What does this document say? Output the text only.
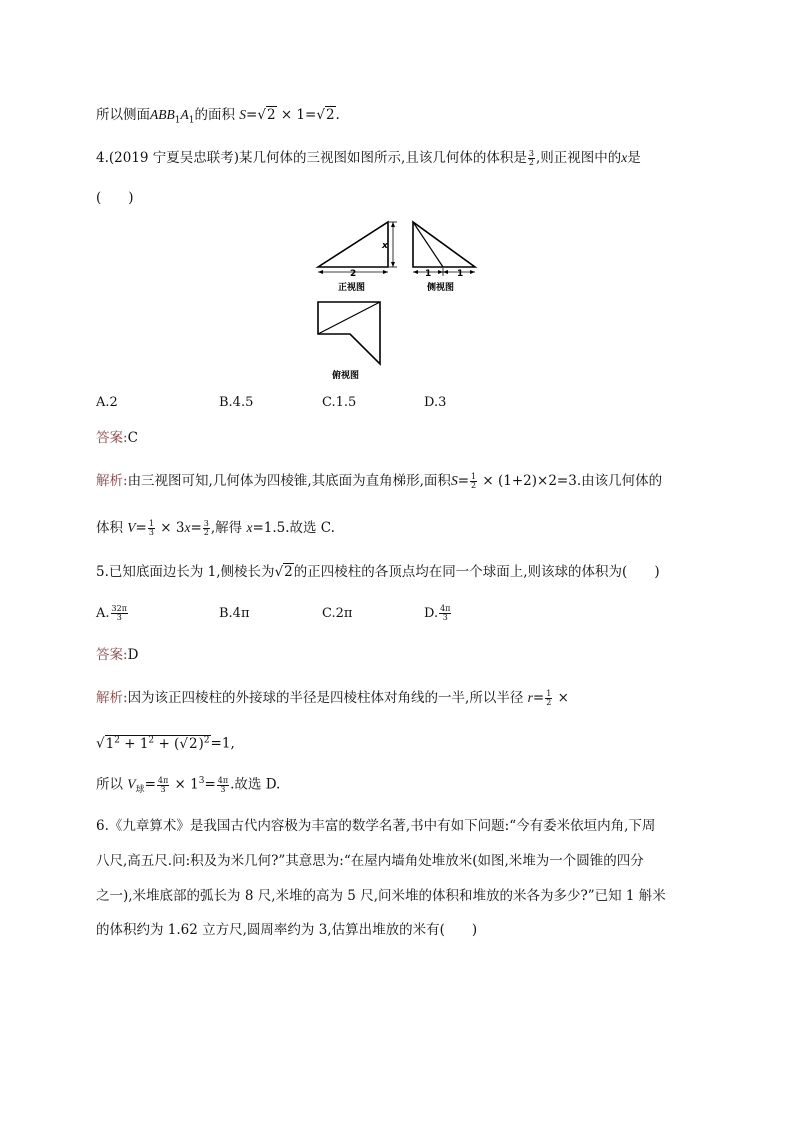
所以侧面$ABB_1A_1$的面积 S=√2 × 1=√2.
4.(2019 宁夏吴忠联考)某几何体的三视图如图所示,且该几何体的体积是 $\frac{3}{2}$ ,则正视图中的x是
(　　)
x
2
正视图
1	1
侧视图
俯视图
A.2	B.4.5	C.1.5	D.3
答案:C
解析:由三视图可知,几何体为四棱锥,其底面为直角梯形,面积$S= \frac{1}{2} \times (1+2)\times 2=3$.由该几何体的
体积 $V= \frac{1}{3} \times 3x= \frac{3}{2}$ ,解得 x=1.5.故选 C.
5.已知底面边长为 1,侧棱长为√2的正四棱柱的各顶点均在同一个球面上,则该球的体积为(　　)
A. $\frac{32\pi}{3}$	B.4π	C.2π	D. $\frac{4\pi}{3}$
答案:D
解析:因为该正四棱柱的外接球的半径是四棱柱体对角线的一半,所以半径 $r= \frac{1}{2}$ ×
$√1^2 + 1^2 + (√2)^2=1$,
所以 $V_球= \frac{4\pi}{3} \times 1^3= \frac{4\pi}{3}$ .故选 D.
6.《九章算术》是我国古代内容极为丰富的数学名著,书中有如下问题:“今有委米依垣内角,下周
八尺,高五尺.问:积及为米几何?”其意思为:“在屋内墙角处堆放米(如图,米堆为一个圆锥的四分
之一),米堆底部的弧长为 8 尺,米堆的高为 5 尺,问米堆的体积和堆放的米各为多少?”已知 1 斛米
的体积约为 1.62 立方尺,圆周率约为 3,估算出堆放的米有(　　)
